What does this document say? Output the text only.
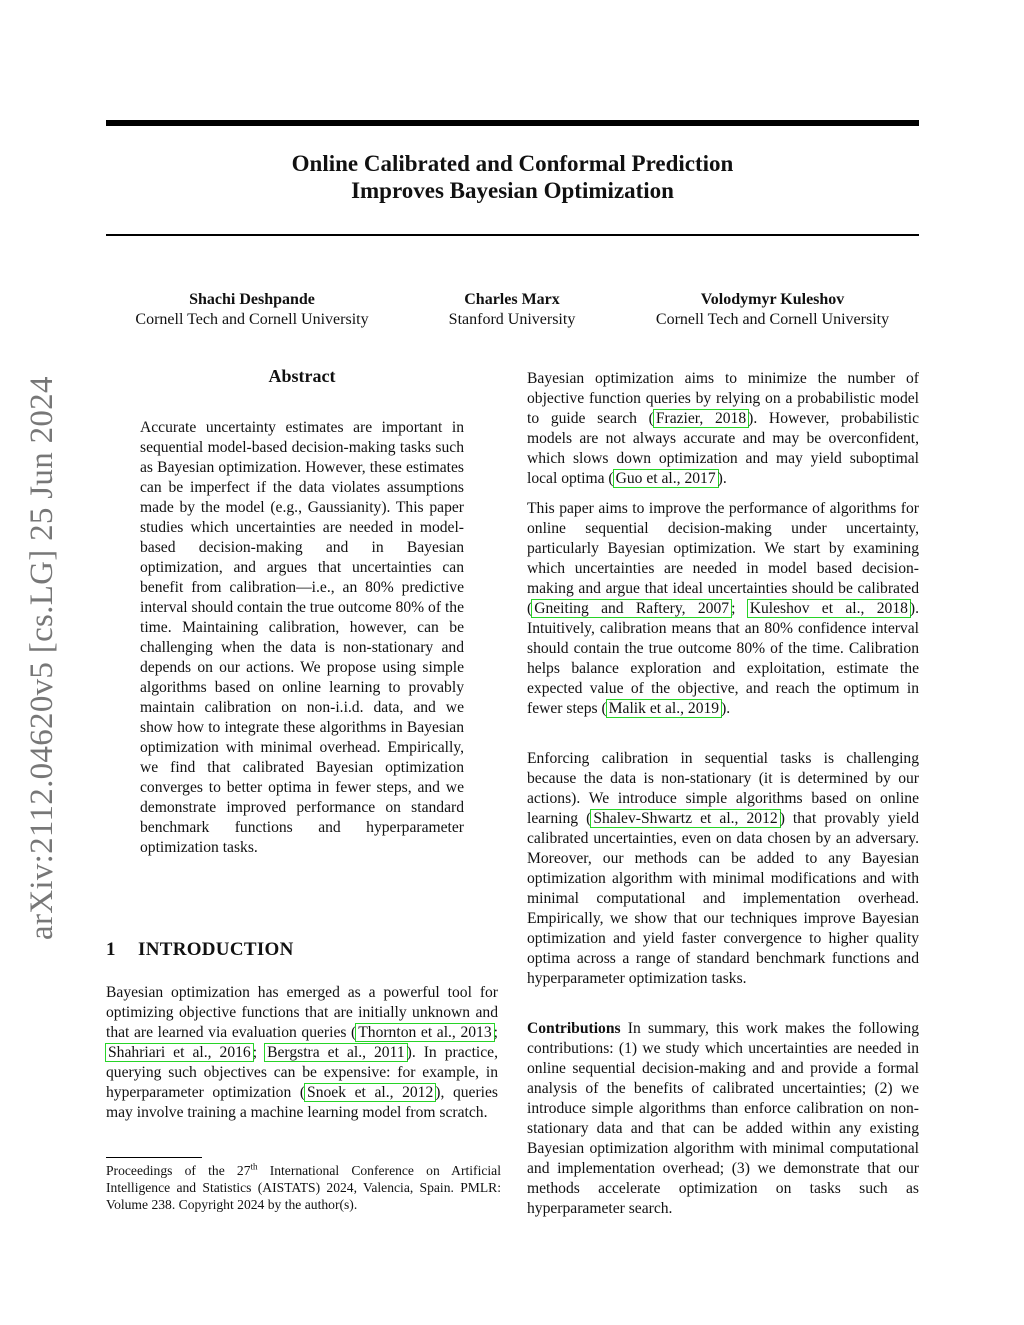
Online Calibrated and Conformal Prediction
Improves Bayesian Optimization
Shachi Deshpande
Cornell Tech and Cornell University
Charles Marx
Stanford University
Volodymyr Kuleshov
Cornell Tech and Cornell University
arXiv:2112.04620v5 [cs.LG] 25 Jun 2024
Abstract
Accurate uncertainty estimates are important in sequential model-based decision-making tasks such as Bayesian optimization. However, these estimates can be imperfect if the data violates assumptions made by the model (e.g., Gaussianity). This paper studies which uncertainties are needed in model-based decision-making and in Bayesian optimization, and argues that uncertainties can benefit from calibration—i.e., an 80% predictive interval should contain the true outcome 80% of the time. Maintaining calibration, however, can be challenging when the data is non-stationary and depends on our actions. We propose using simple algorithms based on online learning to provably maintain calibration on non-i.i.d. data, and we show how to integrate these algorithms in Bayesian optimization with minimal overhead. Empirically, we find that calibrated Bayesian optimization converges to better optima in fewer steps, and we demonstrate improved performance on standard benchmark functions and hyperparameter optimization tasks.
1 INTRODUCTION
Bayesian optimization has emerged as a powerful tool for optimizing objective functions that are initially unknown and that are learned via evaluation queries ( Thornton et al., 2013 ; Shahriari et al., 2016 ; Bergstra et al., 2011 ). In practice, querying such objectives can be expensive: for example, in hyperparameter optimization ( Snoek et al., 2012 ), queries may involve training a machine learning model from scratch.
Proceedings of the 27th International Conference on Artificial Intelligence and Statistics (AISTATS) 2024, Valencia, Spain. PMLR: Volume 238. Copyright 2024 by the author(s).
Bayesian optimization aims to minimize the number of objective function queries by relying on a probabilistic model to guide search ( Frazier, 2018 ). However, probabilistic models are not always accurate and may be overconfident, which slows down optimization and may yield suboptimal local optima ( Guo et al., 2017 ).
This paper aims to improve the performance of algorithms for online sequential decision-making under uncertainty, particularly Bayesian optimization. We start by examining which uncertainties are needed in model based decision-making and argue that ideal uncertainties should be calibrated ( Gneiting and Raftery, 2007 ; Kuleshov et al., 2018 ). Intuitively, calibration means that an 80% confidence interval should contain the true outcome 80% of the time. Calibration helps balance exploration and exploitation, estimate the expected value of the objective, and reach the optimum in fewer steps ( Malik et al., 2019 ).
Enforcing calibration in sequential tasks is challenging because the data is non-stationary (it is determined by our actions). We introduce simple algorithms based on online learning ( Shalev-Shwartz et al., 2012 ) that provably yield calibrated uncertainties, even on data chosen by an adversary. Moreover, our methods can be added to any Bayesian optimization algorithm with minimal modifications and with minimal computational and implementation overhead. Empirically, we show that our techniques improve Bayesian optimization and yield faster convergence to higher quality optima across a range of standard benchmark functions and hyperparameter optimization tasks.
Contributions In summary, this work makes the following contributions: (1) we study which uncertainties are needed in online sequential decision-making and and provide a formal analysis of the benefits of calibrated uncertainties; (2) we introduce simple algorithms than enforce calibration on non-stationary data and that can be added within any existing Bayesian optimization algorithm with minimal computational and implementation overhead; (3) we demonstrate that our methods accelerate optimization on tasks such as hyperparameter search.
